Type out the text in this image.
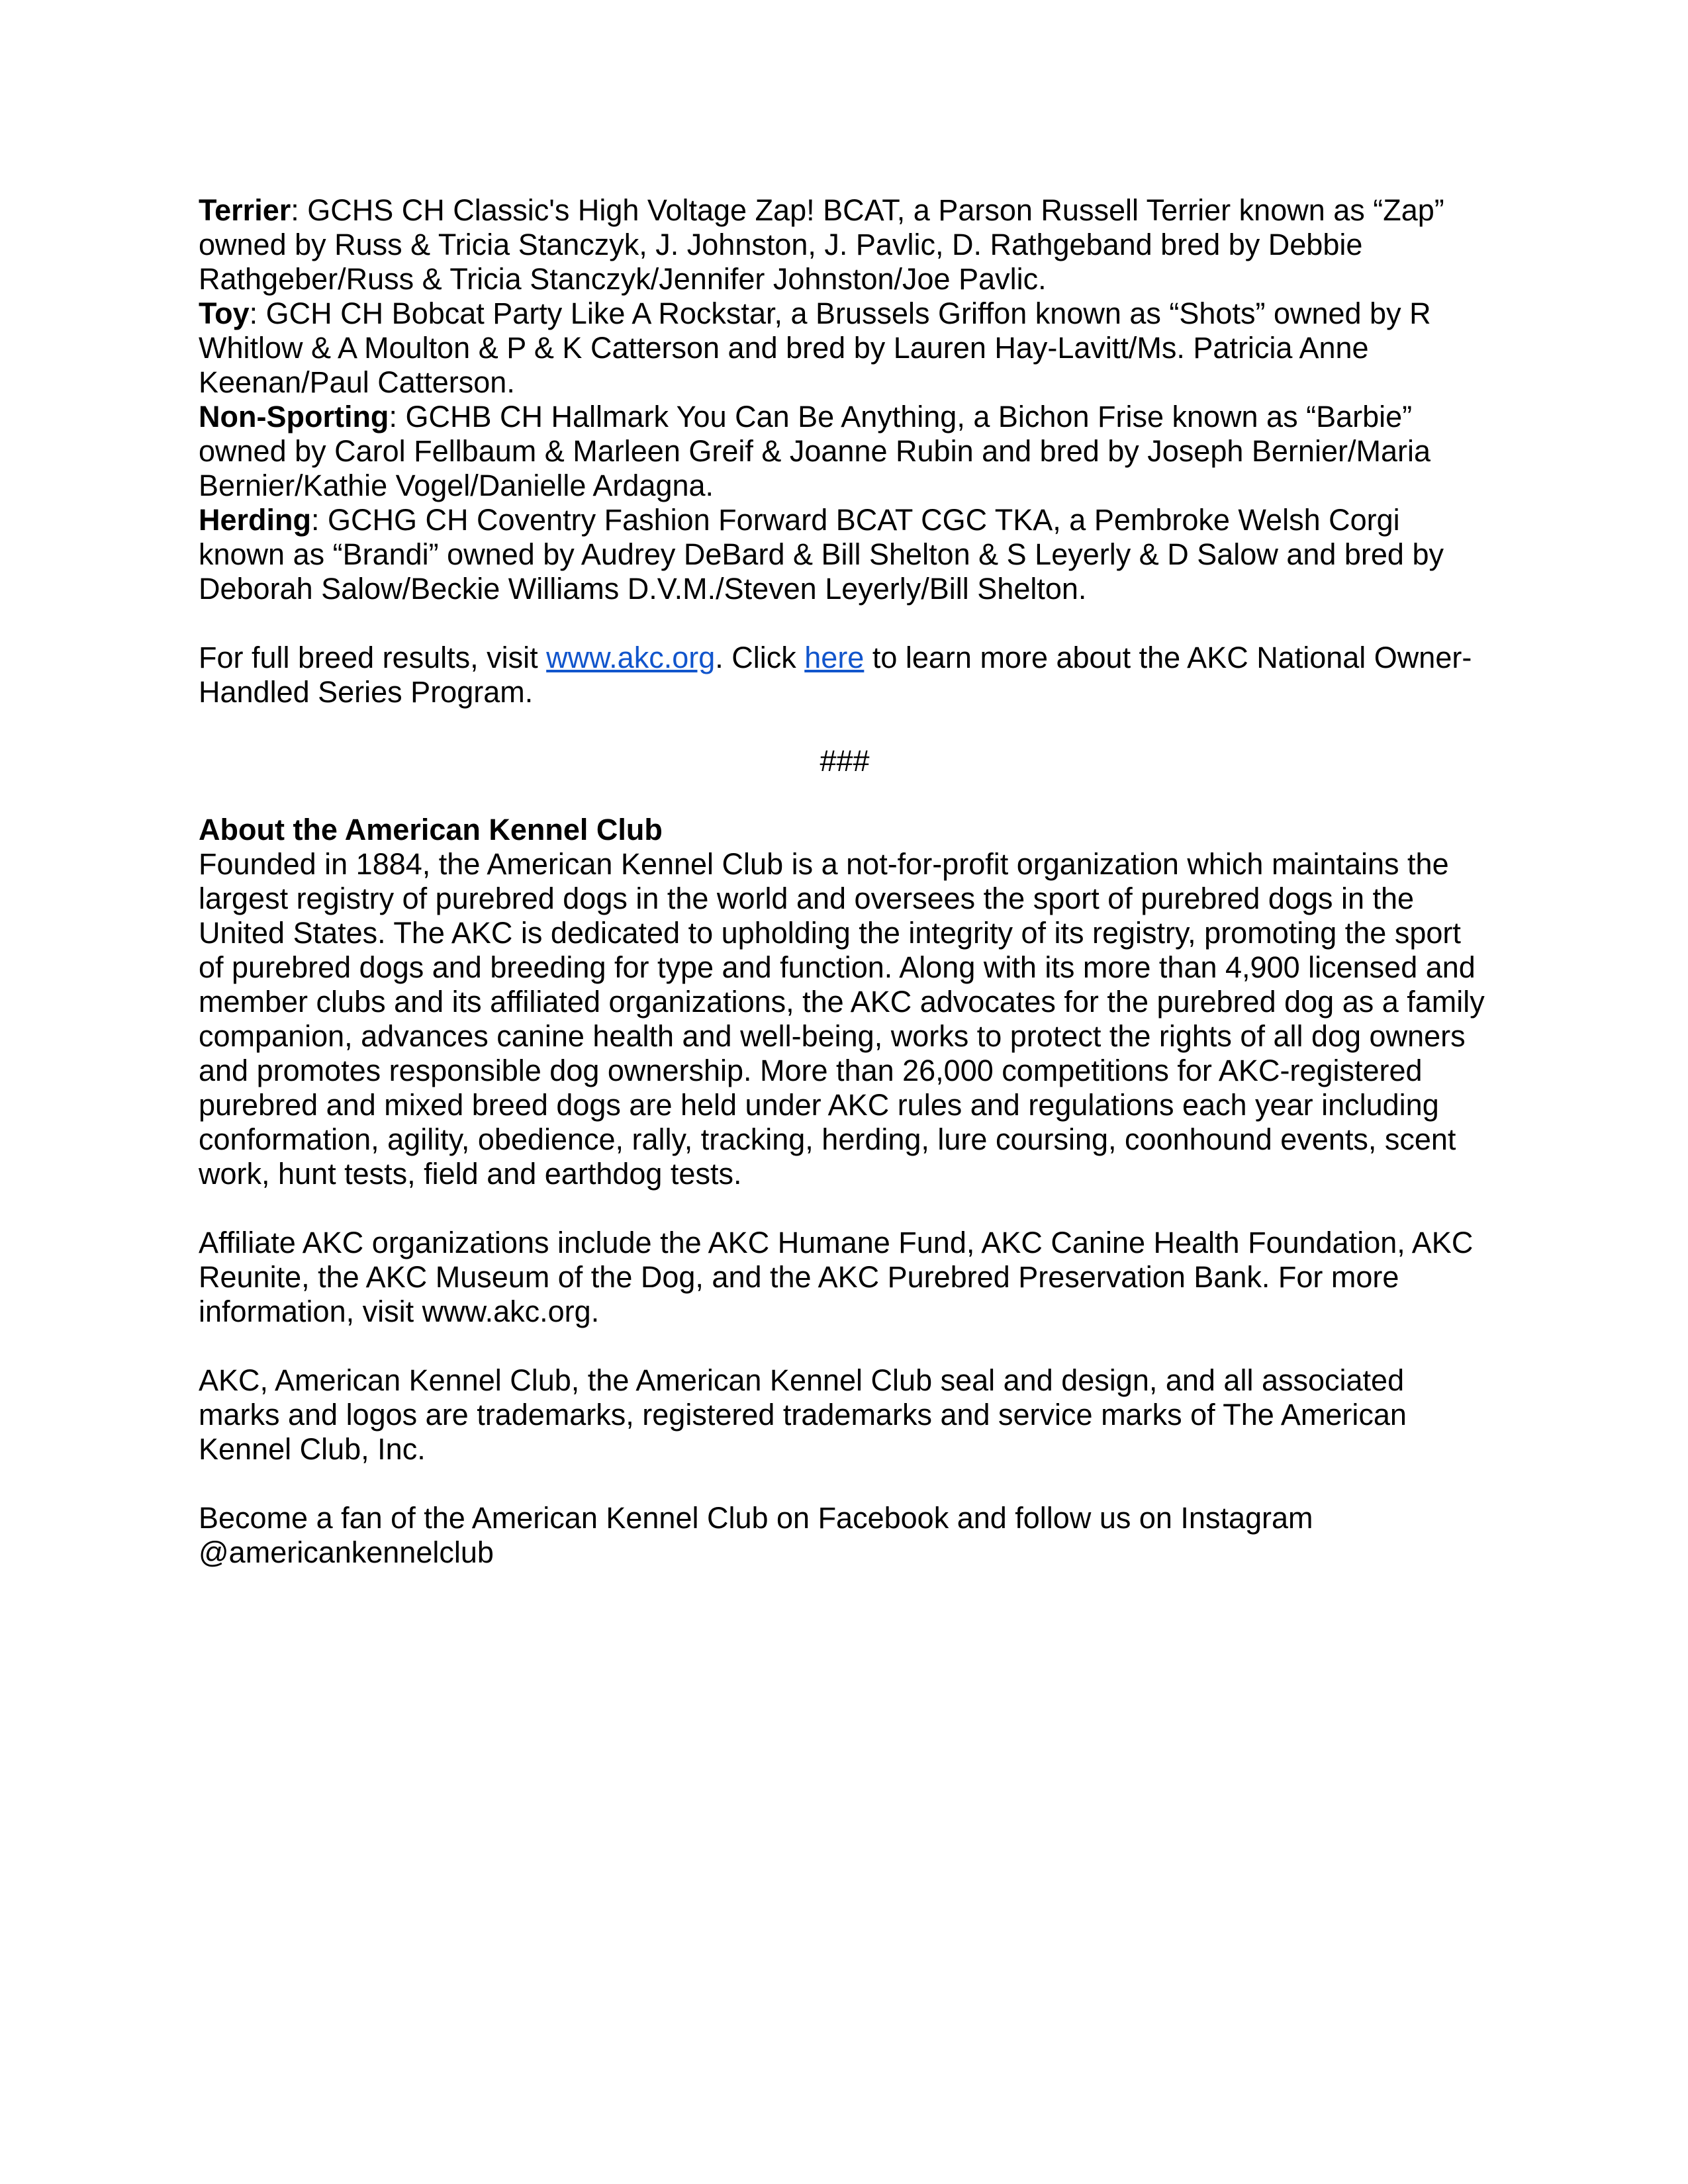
Terrier: GCHS CH Classic's High Voltage Zap! BCAT, a Parson Russell Terrier known as “Zap” owned by Russ & Tricia Stanczyk, J. Johnston, J. Pavlic, D. Rathgeband bred by Debbie Rathgeber/Russ & Tricia Stanczyk/Jennifer Johnston/Joe Pavlic.

Toy: GCH CH Bobcat Party Like A Rockstar, a Brussels Griffon known as “Shots” owned by R Whitlow & A Moulton & P & K Catterson and bred by Lauren Hay-Lavitt/Ms. Patricia Anne Keenan/Paul Catterson.

Non-Sporting: GCHB CH Hallmark You Can Be Anything, a Bichon Frise known as “Barbie” owned by Carol Fellbaum & Marleen Greif & Joanne Rubin and bred by Joseph Bernier/Maria Bernier/Kathie Vogel/Danielle Ardagna.

Herding: GCHG CH Coventry Fashion Forward BCAT CGC TKA, a Pembroke Welsh Corgi known as “Brandi” owned by Audrey DeBard & Bill Shelton & S Leyerly & D Salow and bred by Deborah Salow/Beckie Williams D.V.M./Steven Leyerly/Bill Shelton.

For full breed results, visit www.akc.org. Click here to learn more about the AKC National Owner-Handled Series Program.

###

About the American Kennel Club

Founded in 1884, the American Kennel Club is a not-for-profit organization which maintains the largest registry of purebred dogs in the world and oversees the sport of purebred dogs in the United States. The AKC is dedicated to upholding the integrity of its registry, promoting the sport of purebred dogs and breeding for type and function. Along with its more than 4,900 licensed and member clubs and its affiliated organizations, the AKC advocates for the purebred dog as a family companion, advances canine health and well-being, works to protect the rights of all dog owners and promotes responsible dog ownership. More than 26,000 competitions for AKC-registered purebred and mixed breed dogs are held under AKC rules and regulations each year including conformation, agility, obedience, rally, tracking, herding, lure coursing, coonhound events, scent work, hunt tests, field and earthdog tests.

Affiliate AKC organizations include the AKC Humane Fund, AKC Canine Health Foundation, AKC Reunite, the AKC Museum of the Dog, and the AKC Purebred Preservation Bank. For more information, visit www.akc.org.

AKC, American Kennel Club, the American Kennel Club seal and design, and all associated marks and logos are trademarks, registered trademarks and service marks of The American Kennel Club, Inc.

Become a fan of the American Kennel Club on Facebook and follow us on Instagram @americankennelclub
